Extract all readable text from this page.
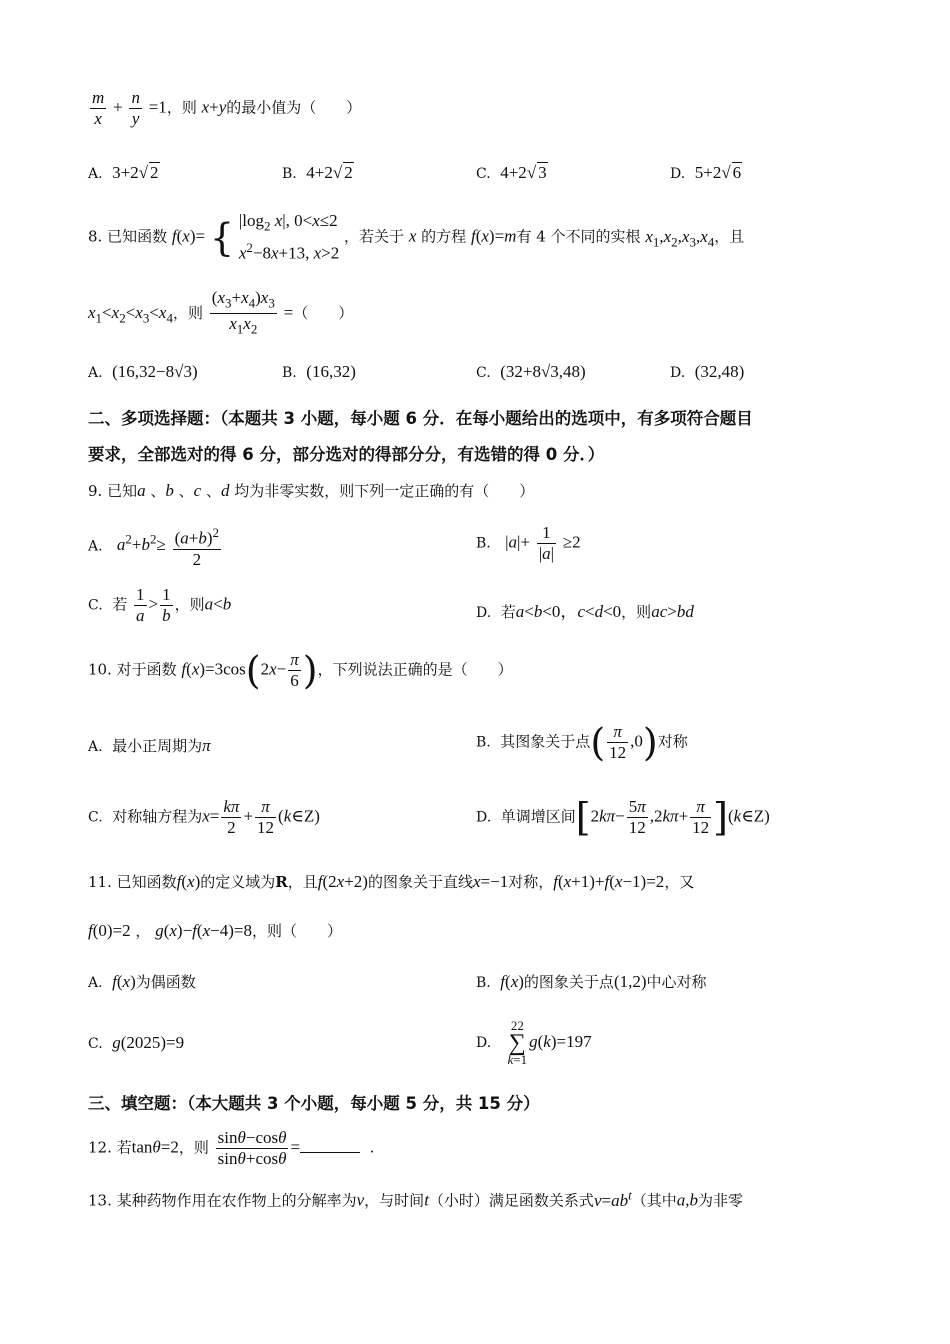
$\frac{m}{x} + \frac{n}{y} =1$，则 x+y的最小值为（　　）
A. 3+2√ 2	B. 4+2√ 2	C. 4+2√ 3	D. 5+2√ 6
8. 已知函数 f(x)= { $|\log_2$ x|, 0<x≤2
$x^2-8x+13$, x>2
，若关于 x 的方程 f(x)=m有 4 个不同的实根 $x_1,x_2,x_3,x_4$，且
$x_1<x_2<x_3<x_4$，则 $\frac{(x_3+x_4)x_3}{x_1x_2}$ =（　　）
A. (16,32−8√3)	B. (16,32)	C. (32+8√3,48)	D. (32,48)
二、多项选择题：（本题共 3 小题，每小题 6 分．在每小题给出的选项中，有多项符合题目
要求，全部选对的得 6 分，部分选对的得部分分，有选错的得 0 分．）
9. 已知a 、b 、c 、d 均为非零实数，则下列一定正确的有（　　）
A. $a^2+b^2\ge \frac{(a+b)^2}{2}$	B. $|a|+ \frac{1}{|a|} \ge 2$
C. 若 $\frac{1}{a} > \frac{1}{b}$ ，则a<b	D. 若a<b<0，c<d<0，则ac>bd
10. 对于函数 $f(x)=3\cos(2x- \frac{\pi}{6}$ )，下列说法正确的是（　　）
A. 最小正周期为π	B. 其图象关于点( $\frac{\pi}{12} ,0$)对称
C. 对称轴方程为$x= \frac{k\pi}{2} + \frac{\pi}{12}$ (k∈Z)	D. 单调增区间[$2k\pi- \frac{5\pi}{12} ,2k\pi+ \frac{\pi}{12}$ ](k∈Z)
11. 已知函数f(x)的定义域为R，且f(2x+2)的图象关于直线x=−1对称，f(x+1)+f(x−1)=2，又
f(0)=2 ， g(x)−f(x−4)=8，则（　　）
A. f(x)为偶函数	B. f(x)的图象关于点(1,2)中心对称
C. g(2025)=9	D.
22
∑
k=1
g(k)=197
三、填空题：（本大题共 3 个小题，每小题 5 分，共 15 分）
12. 若tanθ=2，则 $\frac{\sin\theta-\cos\theta}{\sin\theta+\cos\theta}$ =	.
13. 某种药物作用在农作物上的分解率为v，与时间t（小时）满足函数关系式$v=ab^t$（其中a,b为非零
